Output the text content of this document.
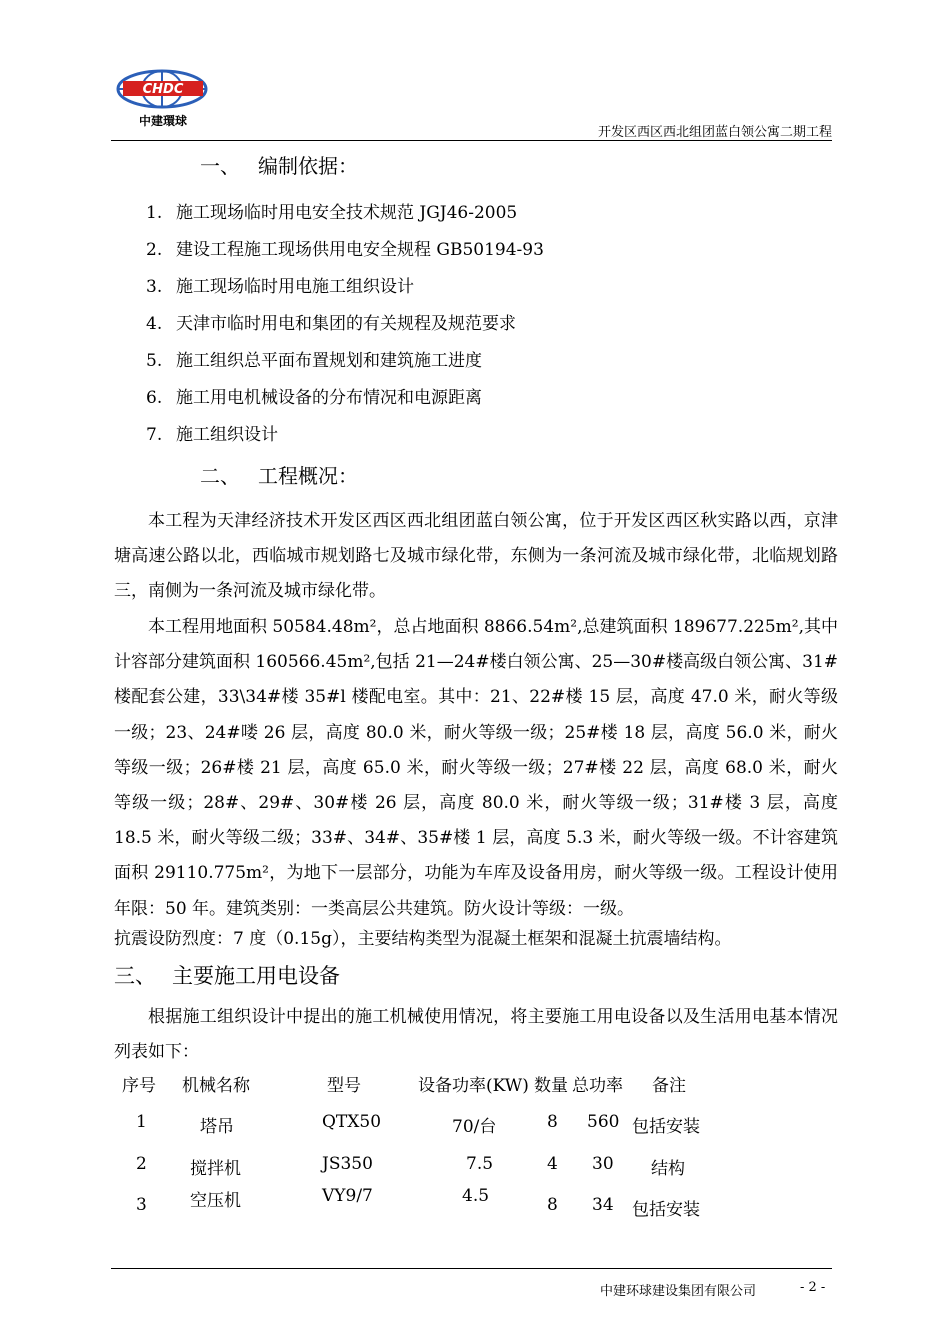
CHDC
中建環球
开发区西区西北组团蓝白领公寓二期工程
一、 编制依据：
1. 施工现场临时用电安全技术规范 JGJ46-2005
2. 建设工程施工现场供用电安全规程 GB50194-93
3. 施工现场临时用电施工组织设计
4. 天津市临时用电和集团的有关规程及规范要求
5. 施工组织总平面布置规划和建筑施工进度
6. 施工用电机械设备的分布情况和电源距离
7. 施工组织设计
二、 工程概况：

本工程为天津经济技术开发区西区西北组团蓝白领公寓，位于开发区西区秋实路以西，京津塘高速公路以北，西临城市规划路七及城市绿化带，东侧为一条河流及城市绿化带，北临规划路三，南侧为一条河流及城市绿化带。

本工程用地面积 50584.48m²，总占地面积 8866.54m²,总建筑面积 189677.225m²,其中计容部分建筑面积 160566.45m²,包括 21—24#楼白领公寓、25—30#楼高级白领公寓、31#楼配套公建，33\34#楼 35#l 楼配电室。其中：21、22#楼 15 层，高度 47.0 米，耐火等级一级；23、24#喽 26 层，高度 80.0 米，耐火等级一级；25#楼 18 层，高度 56.0 米，耐火等级一级；26#楼 21 层，高度 65.0 米，耐火等级一级；27#楼 22 层，高度 68.0 米，耐火等级一级；28#、29#、30#楼 26 层，高度 80.0 米，耐火等级一级；31#楼 3 层，高度 18.5 米，耐火等级二级；33#、34#、35#楼 1 层，高度 5.3 米，耐火等级一级。不计容建筑面积 29110.775m²，为地下一层部分，功能为车库及设备用房，耐火等级一级。工程设计使用年限：50 年。建筑类别：一类高层公共建筑。防火设计等级：一级。

抗震设防烈度：7 度（0.15g），主要结构类型为混凝土框架和混凝土抗震墙结构。

三、 主要施工用电设备

根据施工组织设计中提出的施工机械使用情况，将主要施工用电设备以及生活用电基本情况列表如下：

序号 机械名称	型号	设备功率(KW) 数量 总功率 备注
1	塔吊	QTX50	70/台	8 560 包括安装
2	搅拌机	JS350	7.5	4 30 结构
3	空压机	VY9/7	4.5	8 34 包括安装
中建环球建设集团有限公司	- 2 -
